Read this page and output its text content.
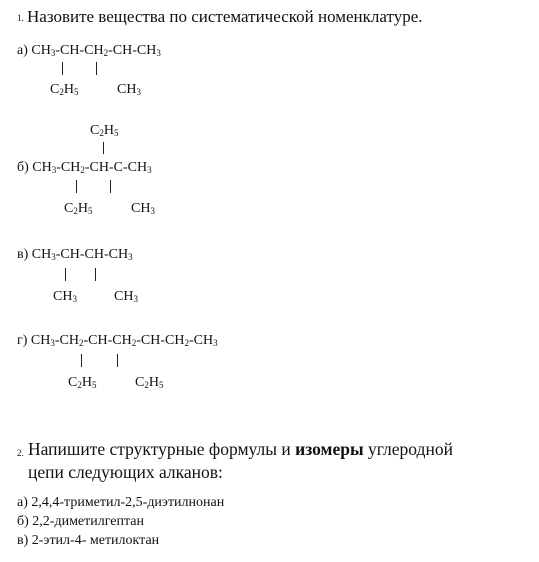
1. Назовите вещества по систематической номенклатуре.
а) $CH_3-CH-CH_2-CH-CH_3$
$C_2H_5$	$CH_3$
$C_2H_5$
б) $CH_3-CH_2-CH-C-CH_3$
$C_2H_5$	$CH_3$
в) $CH_3-CH-CH-CH_3$
$CH_3$	$CH_3$
г) $CH_3-CH_2-CH-CH_2-CH-CH_2-CH_3$
$C_2H_5$	$C_2H_5$
2. Напишите структурные формулы и изомеры углеродной
цепи следующих алканов:
а) 2,4,4-триметил-2,5-диэтилнонан
б) 2,2-диметилгептан
в) 2-этил-4- метилоктан
